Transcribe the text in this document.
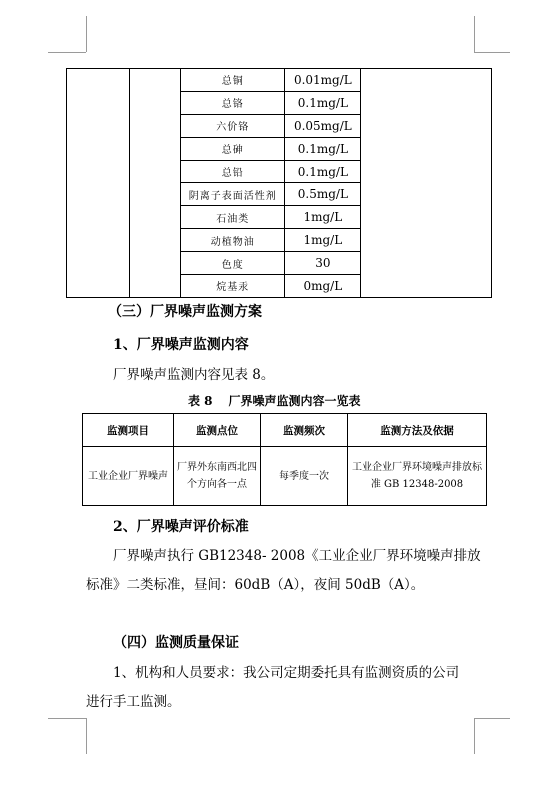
		总铜	0.01mg/L	
		总铬	0.1mg/L	
		六价铬	0.05mg/L	
		总砷	0.1mg/L	
		总铅	0.1mg/L	
		阴离子表面活性剂	0.5mg/L	
		石油类	1mg/L	
		动植物油	1mg/L	
		色度	30	
		烷基汞	0mg/L	
（三）厂界噪声监测方案
1、厂界噪声监测内容
厂界噪声监测内容见表 8。
表 8 厂界噪声监测内容一览表
监测项目	监测点位	监测频次	监测方法及依据
工业企业厂界噪声	厂界外东南西北四个方向各一点	每季度一次	工业企业厂界环境噪声排放标准 GB 12348-2008
2、厂界噪声评价标准
厂界噪声执行 GB12348- 2008《工业企业厂界环境噪声排放
标准》二类标准，昼间：60dB（A），夜间 50dB（A）。
（四）监测质量保证
1、机构和人员要求：我公司定期委托具有监测资质的公司
进行手工监测。
